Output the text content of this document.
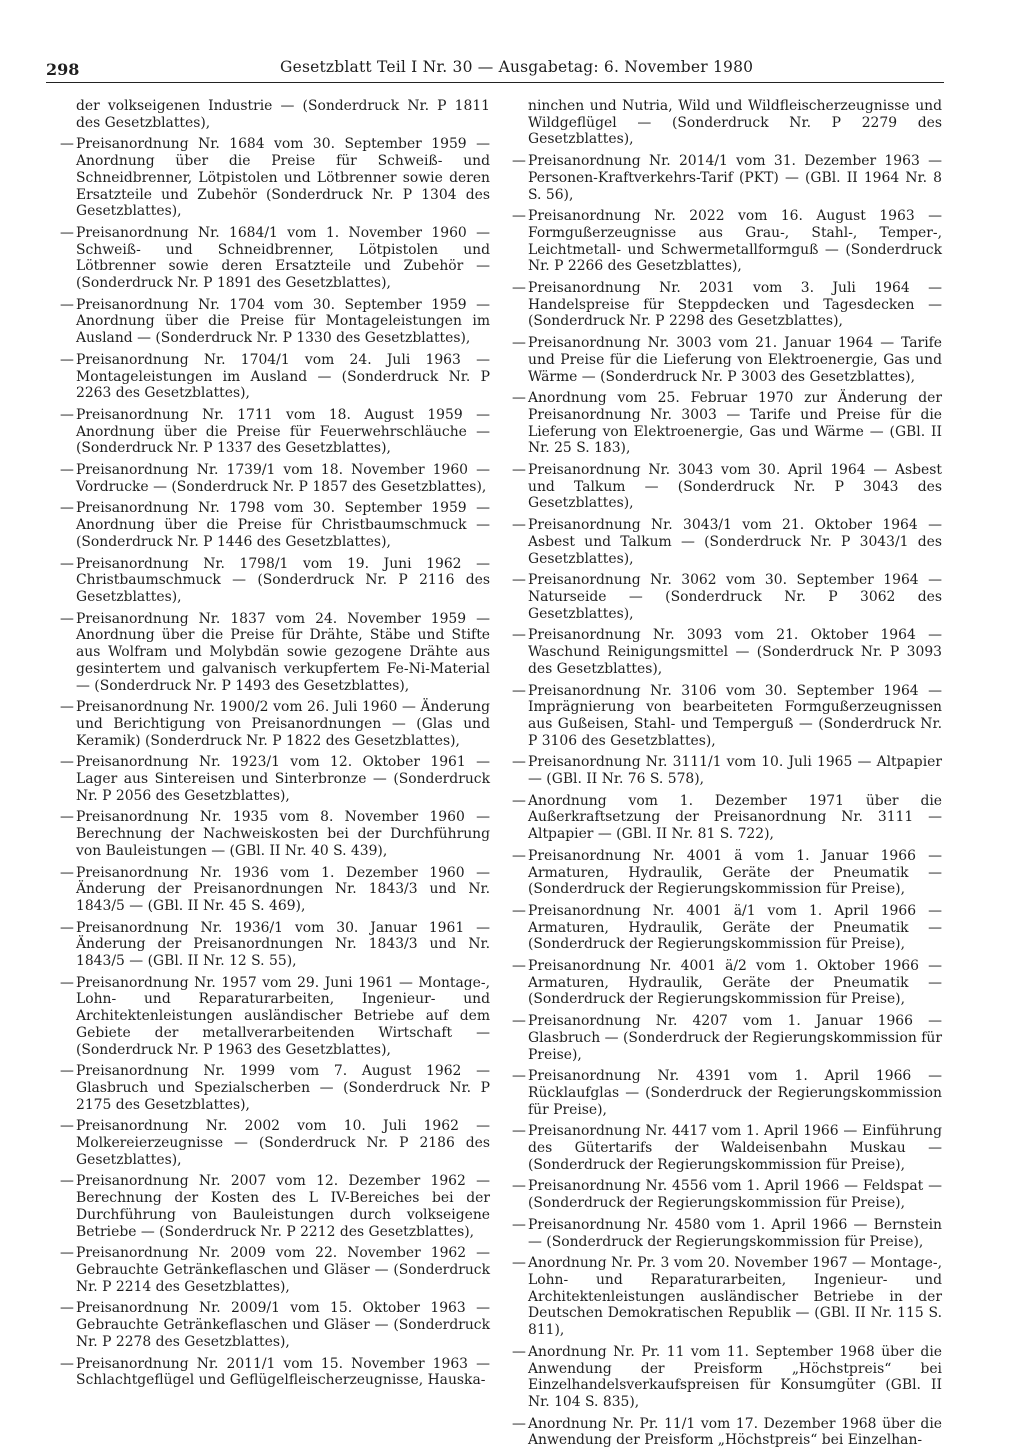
298	Gesetzblatt Teil I Nr. 30 — Ausgabetag: 6. November 1980

der volkseigenen Industrie — (Sonderdruck Nr. P 1811 des Gesetzblattes),

— Preisanordnung Nr. 1684 vom 30. September 1959 — Anordnung über die Preise für Schweiß- und Schneidbrenner, Lötpistolen und Lötbrenner sowie deren Ersatzteile und Zubehör (Sonderdruck Nr. P 1304 des Gesetzblattes),

— Preisanordnung Nr. 1684/1 vom 1. November 1960 — Schweiß- und Schneidbrenner, Lötpistolen und Lötbrenner sowie deren Ersatzteile und Zubehör — (Sonderdruck Nr. P 1891 des Gesetzblattes),

— Preisanordnung Nr. 1704 vom 30. September 1959 — Anordnung über die Preise für Montageleistungen im Ausland — (Sonderdruck Nr. P 1330 des Gesetzblattes),

— Preisanordnung Nr. 1704/1 vom 24. Juli 1963 — Montageleistungen im Ausland — (Sonderdruck Nr. P 2263 des Gesetzblattes),

— Preisanordnung Nr. 1711 vom 18. August 1959 — Anordnung über die Preise für Feuerwehrschläuche — (Sonderdruck Nr. P 1337 des Gesetzblattes),

— Preisanordnung Nr. 1739/1 vom 18. November 1960 — Vordrucke — (Sonderdruck Nr. P 1857 des Gesetzblattes),

— Preisanordnung Nr. 1798 vom 30. September 1959 — Anordnung über die Preise für Christbaumschmuck — (Sonderdruck Nr. P 1446 des Gesetzblattes),

— Preisanordnung Nr. 1798/1 vom 19. Juni 1962 — Christbaumschmuck — (Sonderdruck Nr. P 2116 des Gesetzblattes),

— Preisanordnung Nr. 1837 vom 24. November 1959 — Anordnung über die Preise für Drähte, Stäbe und Stifte aus Wolfram und Molybdän sowie gezogene Drähte aus gesintertem und galvanisch verkupfertem Fe-Ni-Material — (Sonderdruck Nr. P 1493 des Gesetzblattes),

— Preisanordnung Nr. 1900/2 vom 26. Juli 1960 — Änderung und Berichtigung von Preisanordnungen — (Glas und Keramik) (Sonderdruck Nr. P 1822 des Gesetzblattes),

— Preisanordnung Nr. 1923/1 vom 12. Oktober 1961 — Lager aus Sintereisen und Sinterbronze — (Sonderdruck Nr. P 2056 des Gesetzblattes),

— Preisanordnung Nr. 1935 vom 8. November 1960 — Berechnung der Nachweiskosten bei der Durchführung von Bauleistungen — (GBl. II Nr. 40 S. 439),

— Preisanordnung Nr. 1936 vom 1. Dezember 1960 — Änderung der Preisanordnungen Nr. 1843/3 und Nr. 1843/5 — (GBl. II Nr. 45 S. 469),

— Preisanordnung Nr. 1936/1 vom 30. Januar 1961 — Änderung der Preisanordnungen Nr. 1843/3 und Nr. 1843/5 — (GBl. II Nr. 12 S. 55),

— Preisanordnung Nr. 1957 vom 29. Juni 1961 — Montage-, Lohn- und Reparaturarbeiten, Ingenieur- und Architektenleistungen ausländischer Betriebe auf dem Gebiete der metallverarbeitenden Wirtschaft — (Sonderdruck Nr. P 1963 des Gesetzblattes),

— Preisanordnung Nr. 1999 vom 7. August 1962 — Glasbruch und Spezialscherben — (Sonderdruck Nr. P 2175 des Gesetzblattes),

— Preisanordnung Nr. 2002 vom 10. Juli 1962 — Molkereierzeugnisse — (Sonderdruck Nr. P 2186 des Gesetzblattes),

— Preisanordnung Nr. 2007 vom 12. Dezember 1962 — Berechnung der Kosten des L IV-Bereiches bei der Durchführung von Bauleistungen durch volkseigene Betriebe — (Sonderdruck Nr. P 2212 des Gesetzblattes),

— Preisanordnung Nr. 2009 vom 22. November 1962 — Gebrauchte Getränkeflaschen und Gläser — (Sonderdruck Nr. P 2214 des Gesetzblattes),

— Preisanordnung Nr. 2009/1 vom 15. Oktober 1963 — Gebrauchte Getränkeflaschen und Gläser — (Sonderdruck Nr. P 2278 des Gesetzblattes),

— Preisanordnung Nr. 2011/1 vom 15. November 1963 — Schlachtgeflügel und Geflügelfleischerzeugnisse, Hauska-

ninchen und Nutria, Wild und Wildfleischerzeugnisse und Wildgeflügel — (Sonderdruck Nr. P 2279 des Gesetzblattes),

— Preisanordnung Nr. 2014/1 vom 31. Dezember 1963 — Personen-Kraftverkehrs-Tarif (PKT) — (GBl. II 1964 Nr. 8 S. 56),

— Preisanordnung Nr. 2022 vom 16. August 1963 — Formgußerzeugnisse aus Grau-, Stahl-, Temper-, Leichtmetall- und Schwermetallformguß — (Sonderdruck Nr. P 2266 des Gesetzblattes),

— Preisanordnung Nr. 2031 vom 3. Juli 1964 — Handelspreise für Steppdecken und Tagesdecken — (Sonderdruck Nr. P 2298 des Gesetzblattes),

— Preisanordnung Nr. 3003 vom 21. Januar 1964 — Tarife und Preise für die Lieferung von Elektroenergie, Gas und Wärme — (Sonderdruck Nr. P 3003 des Gesetzblattes),

— Anordnung vom 25. Februar 1970 zur Änderung der Preisanordnung Nr. 3003 — Tarife und Preise für die Lieferung von Elektroenergie, Gas und Wärme — (GBl. II Nr. 25 S. 183),

— Preisanordnung Nr. 3043 vom 30. April 1964 — Asbest und Talkum — (Sonderdruck Nr. P 3043 des Gesetzblattes),

— Preisanordnung Nr. 3043/1 vom 21. Oktober 1964 — Asbest und Talkum — (Sonderdruck Nr. P 3043/1 des Gesetzblattes),

— Preisanordnung Nr. 3062 vom 30. September 1964 — Naturseide — (Sonderdruck Nr. P 3062 des Gesetzblattes),

— Preisanordnung Nr. 3093 vom 21. Oktober 1964 — Waschund Reinigungsmittel — (Sonderdruck Nr. P 3093 des Gesetzblattes),

— Preisanordnung Nr. 3106 vom 30. September 1964 — Imprägnierung von bearbeiteten Formgußerzeugnissen aus Gußeisen, Stahl- und Temperguß — (Sonderdruck Nr. P 3106 des Gesetzblattes),

— Preisanordnung Nr. 3111/1 vom 10. Juli 1965 — Altpapier — (GBl. II Nr. 76 S. 578),

— Anordnung vom 1. Dezember 1971 über die Außerkraftsetzung der Preisanordnung Nr. 3111 — Altpapier — (GBl. II Nr. 81 S. 722),

— Preisanordnung Nr. 4001 ä vom 1. Januar 1966 — Armaturen, Hydraulik, Geräte der Pneumatik — (Sonderdruck der Regierungskommission für Preise),

— Preisanordnung Nr. 4001 ä/1 vom 1. April 1966 — Armaturen, Hydraulik, Geräte der Pneumatik — (Sonderdruck der Regierungskommission für Preise),

— Preisanordnung Nr. 4001 ä/2 vom 1. Oktober 1966 — Armaturen, Hydraulik, Geräte der Pneumatik — (Sonderdruck der Regierungskommission für Preise),

— Preisanordnung Nr. 4207 vom 1. Januar 1966 — Glasbruch — (Sonderdruck der Regierungskommission für Preise),

— Preisanordnung Nr. 4391 vom 1. April 1966 — Rücklaufglas — (Sonderdruck der Regierungskommission für Preise),

— Preisanordnung Nr. 4417 vom 1. April 1966 — Einführung des Gütertarifs der Waldeisenbahn Muskau — (Sonderdruck der Regierungskommission für Preise),

— Preisanordnung Nr. 4556 vom 1. April 1966 — Feldspat — (Sonderdruck der Regierungskommission für Preise),

— Preisanordnung Nr. 4580 vom 1. April 1966 — Bernstein — (Sonderdruck der Regierungskommission für Preise),

— Anordnung Nr. Pr. 3 vom 20. November 1967 — Montage-, Lohn- und Reparaturarbeiten, Ingenieur- und Architektenleistungen ausländischer Betriebe in der Deutschen Demokratischen Republik — (GBl. II Nr. 115 S. 811),

— Anordnung Nr. Pr. 11 vom 11. September 1968 über die Anwendung der Preisform „Höchstpreis“ bei Einzelhandelsverkaufspreisen für Konsumgüter (GBl. II Nr. 104 S. 835),

— Anordnung Nr. Pr. 11/1 vom 17. Dezember 1968 über die Anwendung der Preisform „Höchstpreis“ bei Einzelhan-
